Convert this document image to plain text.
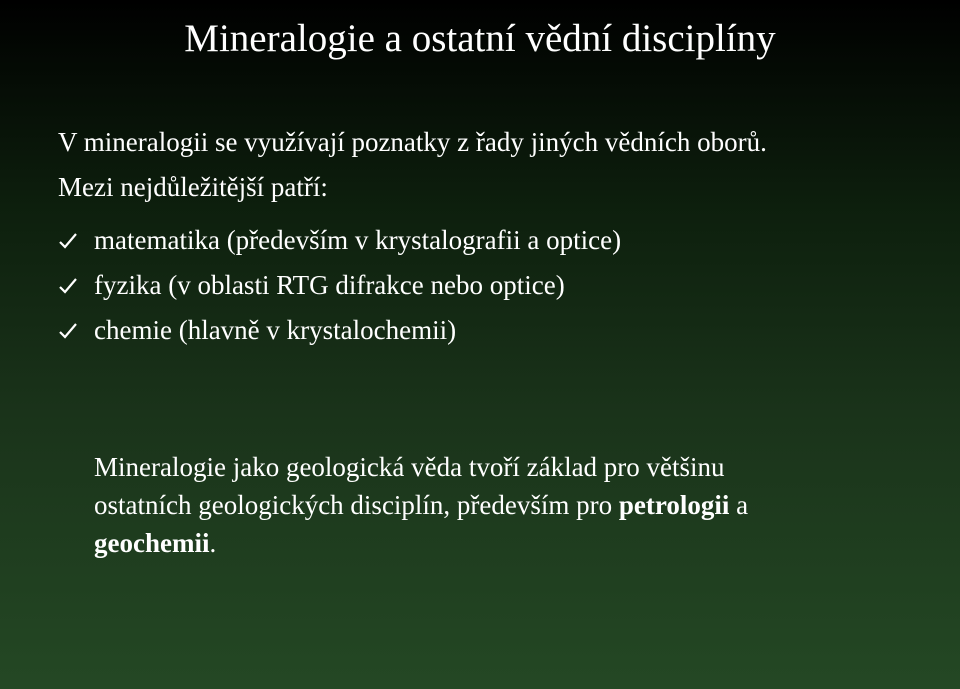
Mineralogie a ostatní vědní disciplíny
V mineralogii se využívají poznatky z řady jiných vědních oborů.
Mezi nejdůležitější patří:
matematika (především v krystalografii a optice)
fyzika (v oblasti RTG difrakce nebo optice)
chemie (hlavně v krystalochemii)
Mineralogie jako geologická věda tvoří základ pro většinu
ostatních geologických disciplín, především pro petrologii a
geochemii.
